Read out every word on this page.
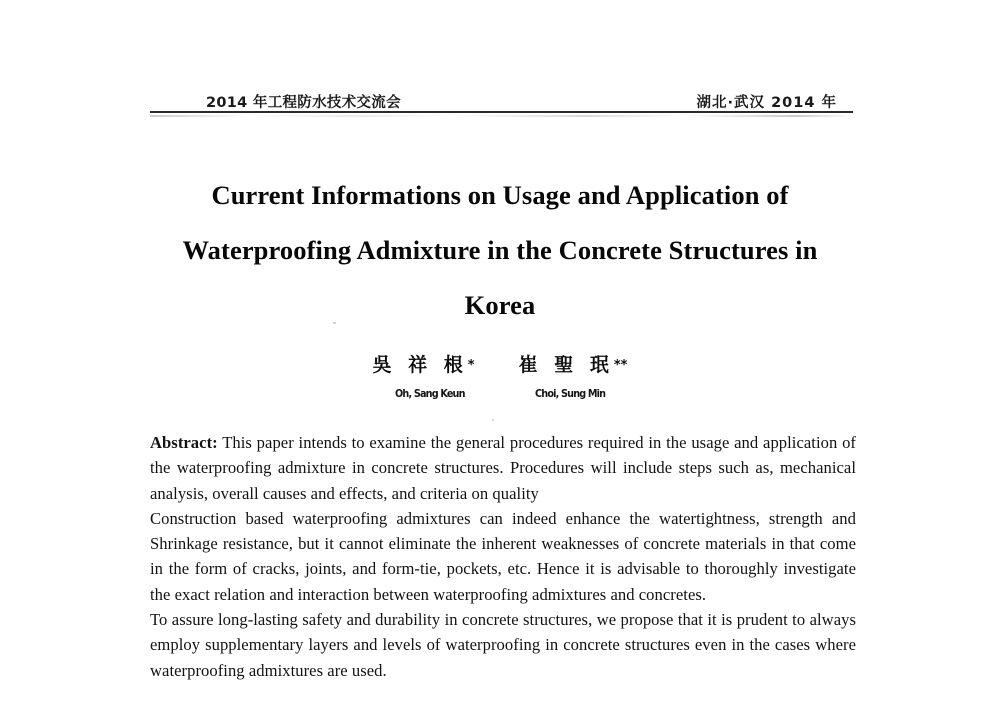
2014 年工程防水技术交流会	湖北·武汉 2014 年
Current Informations on Usage and Application of
Waterproofing Admixture in the Concrete Structures in
Korea
吳 祥 根* 崔 聖 珉**
Oh, Sang Keun	Choi, Sung Min

Abstract: This paper intends to examine the general procedures required in the usage and application of the waterproofing admixture in concrete structures. Procedures will include steps such as, mechanical analysis, overall causes and effects, and criteria on quality

Construction based waterproofing admixtures can indeed enhance the watertightness, strength and Shrinkage resistance, but it cannot eliminate the inherent weaknesses of concrete materials in that come in the form of cracks, joints, and form-tie, pockets, etc. Hence it is advisable to thoroughly investigate the exact relation and interaction between waterproofing admixtures and concretes.

To assure long-lasting safety and durability in concrete structures, we propose that it is prudent to always employ supplementary layers and levels of waterproofing in concrete structures even in the cases where waterproofing admixtures are used.
